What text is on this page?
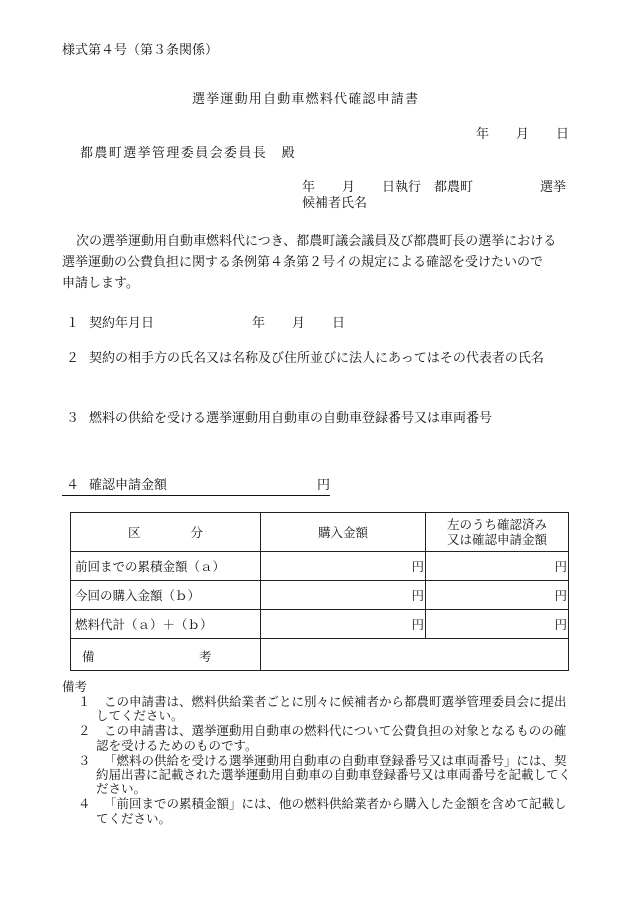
様式第４号（第３条関係）
選挙運動用自動車燃料代確認申請書
年 月 日
都農町選挙管理委員会委員長　殿
年 月 日執行 都農町	選挙
候補者氏名
次の選挙運動用自動車燃料代につき、都農町議会議員及び都農町長の選挙における
選挙運動の公費負担に関する条例第４条第２号イの規定による確認を受けたいので
申請します。
１ 契約年月日	年 月 日
２ 契約の相手方の氏名又は名称及び住所並びに法人にあってはその代表者の氏名
３ 燃料の供給を受ける選挙運動用自動車の自動車登録番号又は車両番号
４ 確認申請金額	円
区　　　　分	購入金額	左のうち確認済み
又は確認申請金額

前回までの累積金額（ａ）	円	円
今回の購入金額（ｂ）	円	円
燃料代計（ａ）＋（ｂ）	円	円

備 考		

備考
１ この申請書は、燃料供給業者ごとに別々に候補者から都農町選挙管理委員会に提出してください。
２ この申請書は、選挙運動用自動車の燃料代について公費負担の対象となるものの確認を受けるためのものです。
３ 「燃料の供給を受ける選挙運動用自動車の自動車登録番号又は車両番号」には、契約届出書に記載された選挙運動用自動車の自動車登録番号又は車両番号を記載してください。
４ 「前回までの累積金額」には、他の燃料供給業者から購入した金額を含めて記載してください。
